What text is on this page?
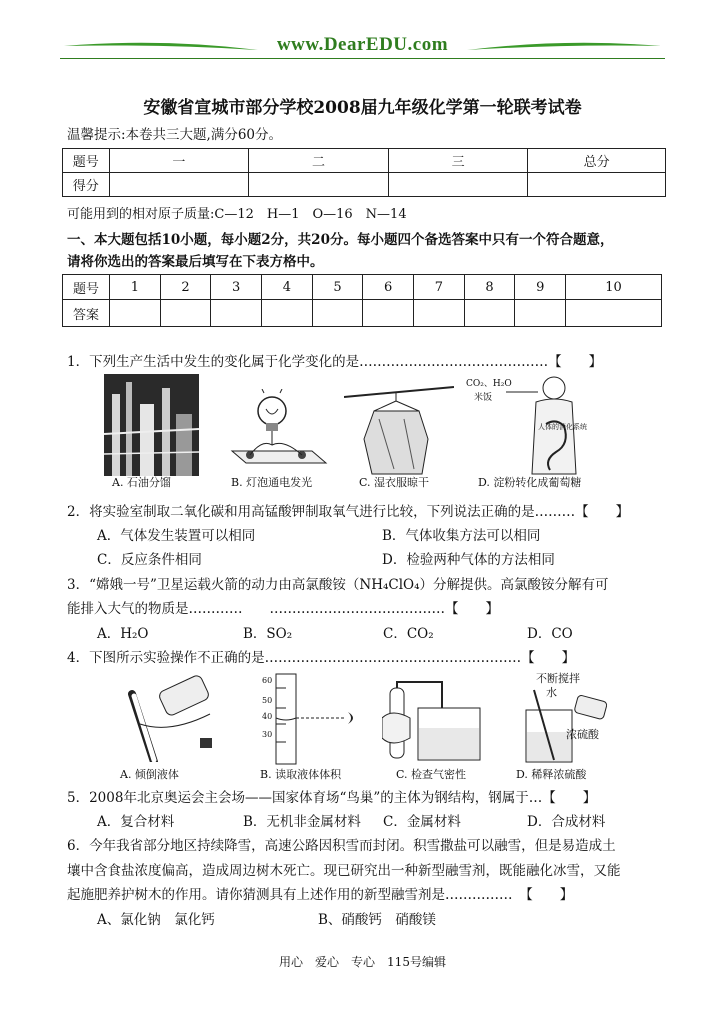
www.DearEDU.com
安徽省宣城市部分学校2008届九年级化学第一轮联考试卷
温馨提示:本卷共三大题,满分60分。
题号	一	二	三	总分
得分				
可能用到的相对原子质量:C—12　H—1　O—16　N—14
一、本大题包括10小题，每小题2分，共20分。每小题四个备选答案中只有一个符合题意，
请将你选出的答案最后填写在下表方格中。
题号	1	2	3	4	5	6	7	8	9	10
答案										
1．下列生产生活中发生的变化属于化学变化的是……………………………………【　　】
CO₂、H₂O
米饭
人体的消化系统
A. 石油分馏	B. 灯泡通电发光	C. 湿衣服晾干	D. 淀粉转化成葡萄糖
2．将实验室制取二氧化碳和用高锰酸钾制取氧气进行比较，下列说法正确的是………【　　】
A．气体发生装置可以相同	B．气体收集方法可以相同
C．反应条件相同	D．检验两种气体的方法相同
3．“嫦娥一号”卫星运载火箭的动力由高氯酸铵（NH₄ClO₄）分解提供。高氯酸铵分解有可
能排入大气的物质是…………　　…………………………………【　　】
A．H₂O	B．SO₂	C．CO₂	D．CO
4．下图所示实验操作不正确的是…………………………………………………【　　】
60
50
40
30
不断搅拌
水
浓硫酸
A. 倾倒液体	B. 读取液体体积	C. 检查气密性	D. 稀释浓硫酸
5．2008年北京奥运会主会场——国家体育场“鸟巢”的主体为钢结构，钢属于…【　　】
A．复合材料	B．无机非金属材料 C．金属材料	D．合成材料
6．今年我省部分地区持续降雪，高速公路因积雪而封闭。积雪撒盐可以融雪，但是易造成土
壤中含食盐浓度偏高，造成周边树木死亡。现已研究出一种新型融雪剂，既能融化冰雪，又能
起施肥养护树木的作用。请你猜测具有上述作用的新型融雪剂是……………　【　　】
A、氯化钠　氯化钙	B、硝酸钙　硝酸镁
用心　爱心　专心　115号编辑
